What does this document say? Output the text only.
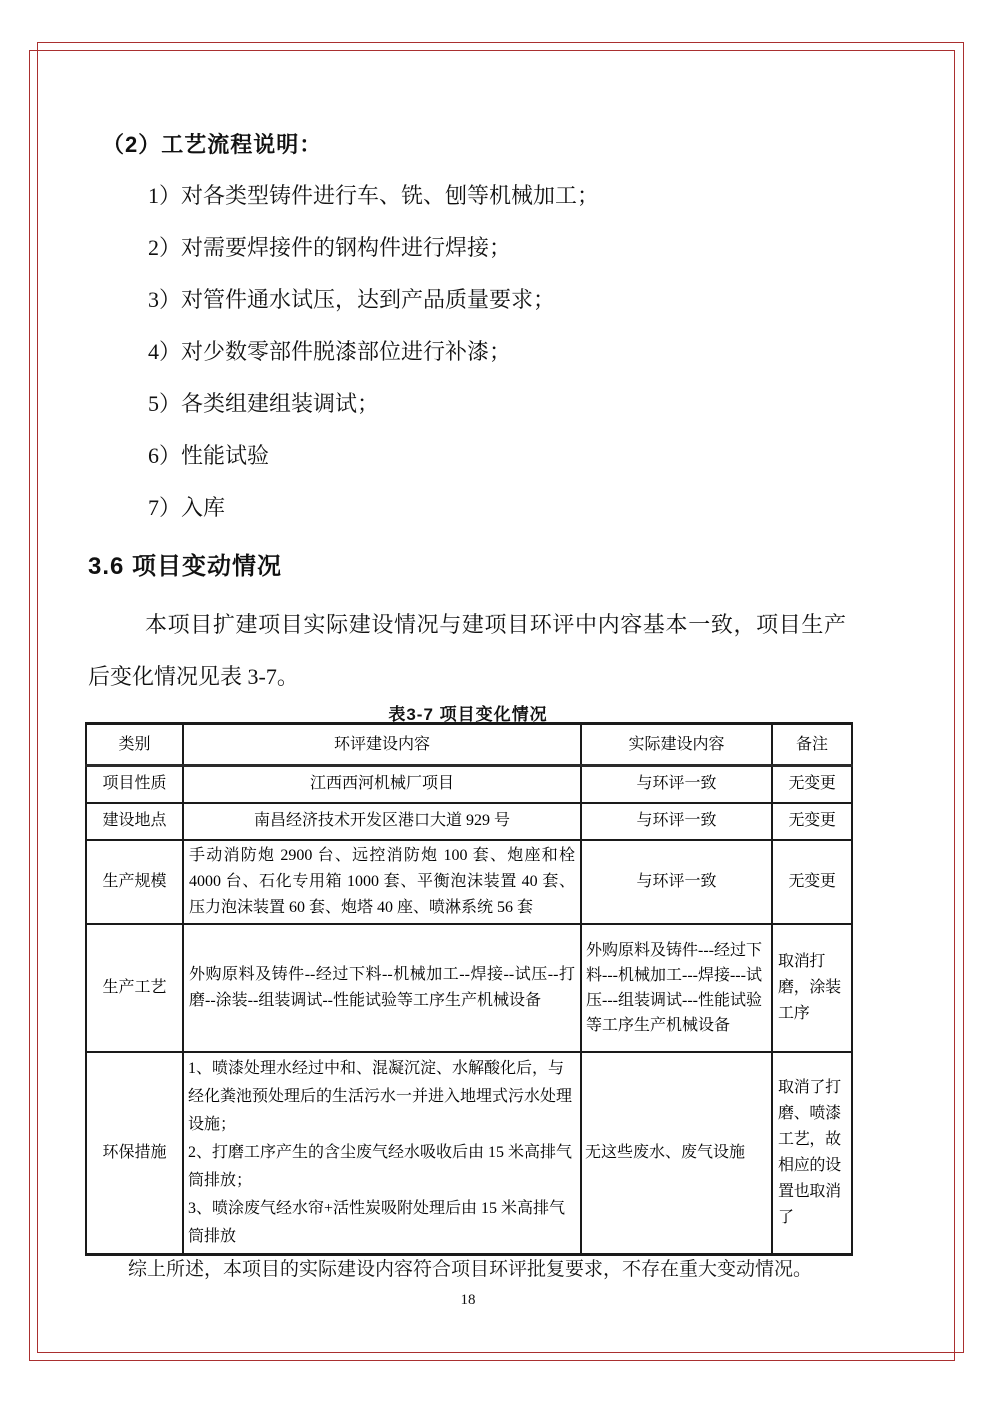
（2）工艺流程说明：
1）对各类型铸件进行车、铣、刨等机械加工；
2）对需要焊接件的钢构件进行焊接；
3）对管件通水试压，达到产品质量要求；
4）对少数零部件脱漆部位进行补漆；
5）各类组建组装调试；
6）性能试验
7）入库
3.6 项目变动情况
本项目扩建项目实际建设情况与建项目环评中内容基本一致，项目生产后变化情况见表 3-7。
表3-7 项目变化情况
类别	环评建设内容	实际建设内容	备注
项目性质	江西西河机械厂项目	与环评一致	无变更
建设地点	南昌经济技术开发区港口大道 929 号	与环评一致	无变更
生产规模	手动消防炮 2900 台、远控消防炮 100 套、炮座和栓 4000 台、石化专用箱 1000 套、平衡泡沫装置 40 套、压力泡沫装置 60 套、炮塔 40 座、喷淋系统 56 套	与环评一致	无变更
生产工艺	外购原料及铸件--经过下料--机械加工--焊接--试压--打磨--涂装--组装调试--性能试验等工序生产机械设备	外购原料及铸件---经过下料---机械加工---焊接---试压---组装调试---性能试验等工序生产机械设备	取消打磨，涂装工序
环保措施	1、喷漆处理水经过中和、混凝沉淀、水解酸化后，与经化粪池预处理后的生活污水一并进入地埋式污水处理设施；

2、打磨工序产生的含尘废气经水吸收后由 15 米高排气筒排放；

3、喷涂废气经水帘+活性炭吸附处理后由 15 米高排气筒排放	无这些废水、废气设施	取消了打磨、喷漆工艺，故相应的设置也取消了
综上所述，本项目的实际建设内容符合项目环评批复要求，不存在重大变动情况。
18
